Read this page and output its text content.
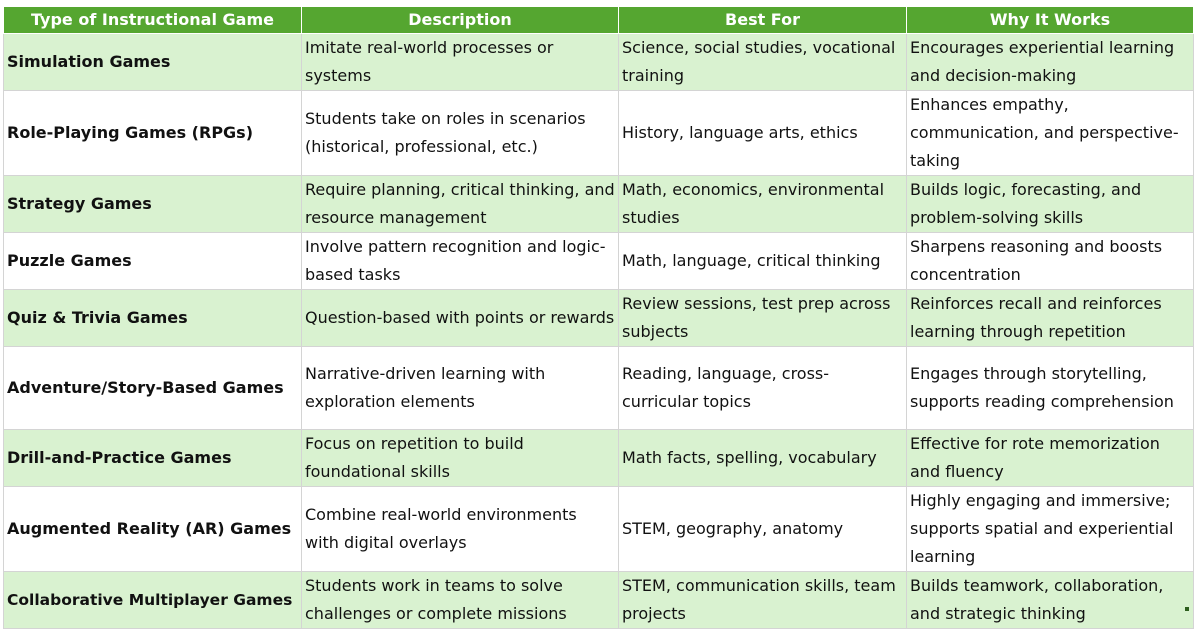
Type of Instructional Game	Description	Best For	Why It Works
Simulation Games	Imitate real-world processes or systems	Science, social studies, vocational training	Encourages experiential learning and decision-making
Role-Playing Games (RPGs)	Students take on roles in scenarios (historical, professional, etc.)	History, language arts, ethics	Enhances empathy, communication, and perspective-taking
Strategy Games	Require planning, critical thinking, and resource management	Math, economics, environmental studies	Builds logic, forecasting, and problem-solving skills
Puzzle Games	Involve pattern recognition and logic-based tasks	Math, language, critical thinking	Sharpens reasoning and boosts concentration
Quiz & Trivia Games	Question-based with points or rewards	Review sessions, test prep across subjects	Reinforces recall and reinforces learning through repetition
Adventure/Story-Based Games	Narrative-driven learning with exploration elements	Reading, language, cross-curricular topics	Engages through storytelling, supports reading comprehension
Drill-and-Practice Games	Focus on repetition to build foundational skills	Math facts, spelling, vocabulary	Effective for rote memorization and fluency
Augmented Reality (AR) Games	Combine real-world environments with digital overlays	STEM, geography, anatomy	Highly engaging and immersive; supports spatial and experiential learning
Collaborative Multiplayer Games	Students work in teams to solve challenges or complete missions	STEM, communication skills, team projects	Builds teamwork, collaboration, and strategic thinking
